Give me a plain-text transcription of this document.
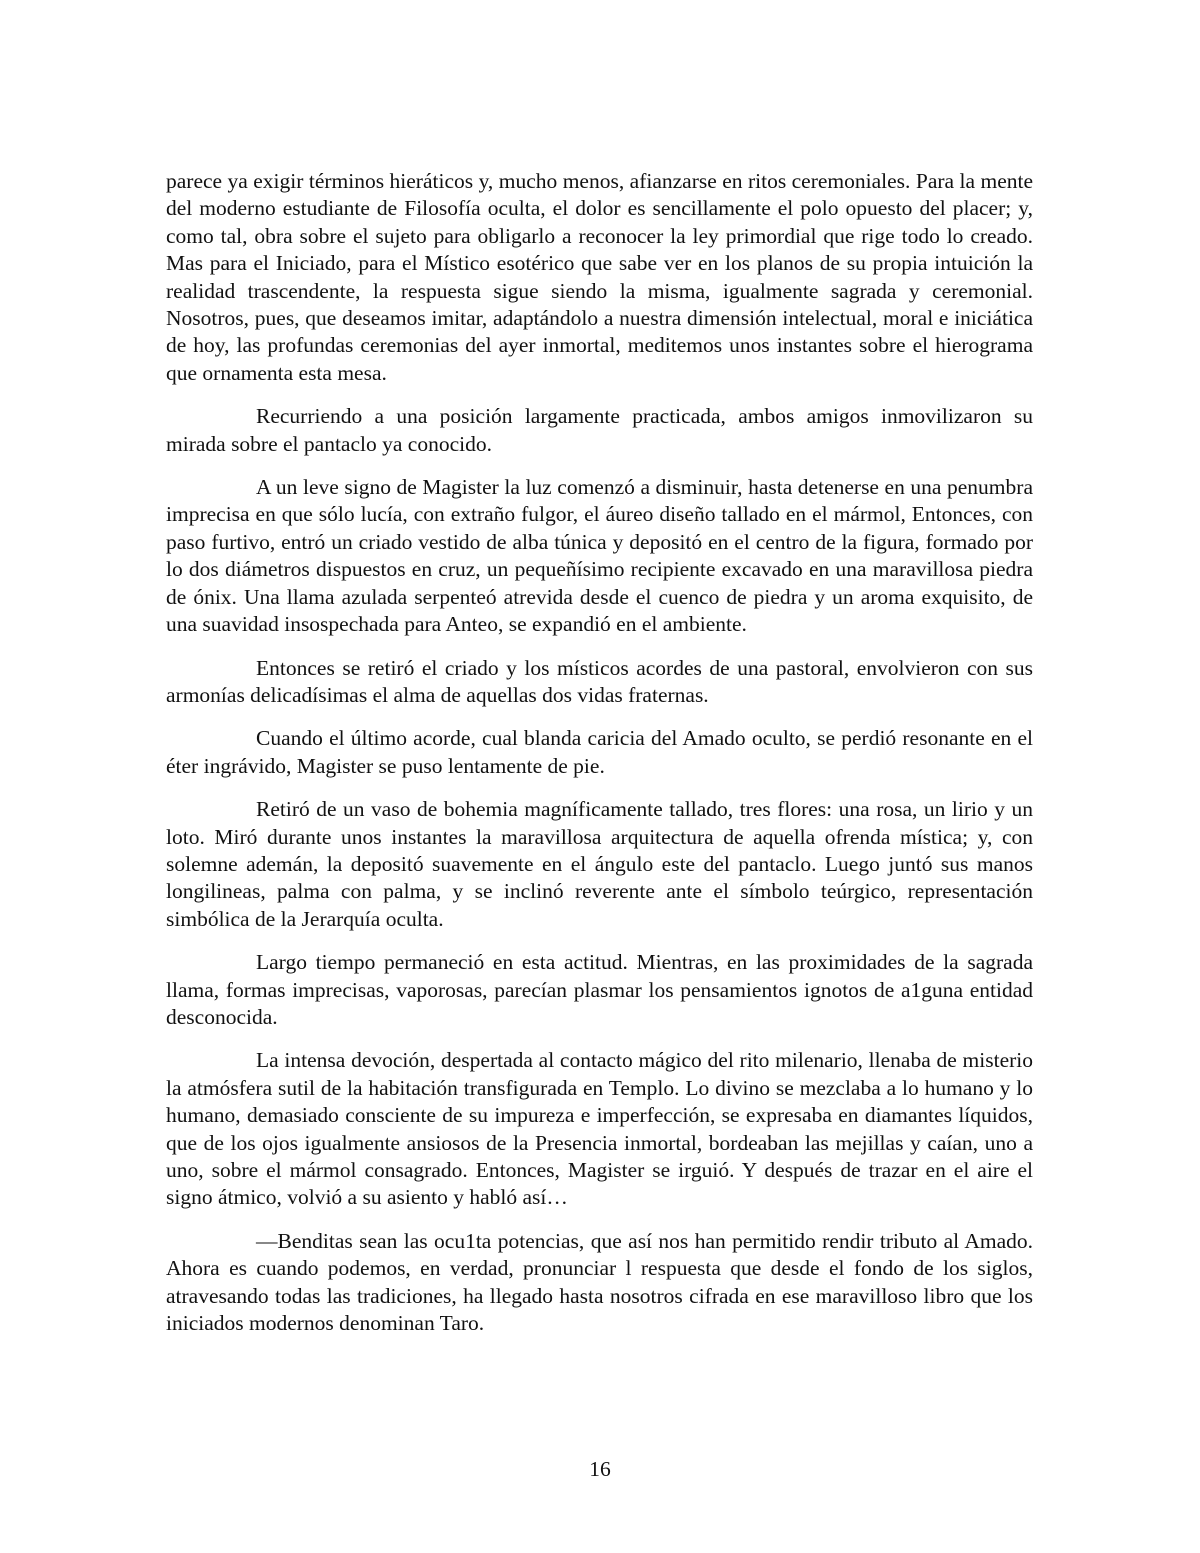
parece ya exigir términos hieráticos y, mucho menos, afianzarse en ritos ceremoniales. Para la mente del moderno estudiante de Filosofía oculta, el dolor es sencillamente el polo opuesto del placer; y, como tal, obra sobre el sujeto para obligarlo a reconocer la ley primordial que rige todo lo creado. Mas para el Iniciado, para el Místico esotérico que sabe ver en los planos de su propia intuición la realidad trascendente, la respuesta sigue siendo la misma, igualmente sagrada y ceremonial. Nosotros, pues, que deseamos imitar, adaptándolo a nuestra dimensión intelectual, moral e iniciática de hoy, las profundas ceremonias del ayer inmortal, meditemos unos instantes sobre el hierograma que ornamenta esta mesa.

Recurriendo a una posición largamente practicada, ambos amigos inmovilizaron su mirada sobre el pantaclo ya conocido.

A un leve signo de Magister la luz comenzó a disminuir, hasta detenerse en una penumbra imprecisa en que sólo lucía, con extraño fulgor, el áureo diseño tallado en el mármol, Entonces, con paso furtivo, entró un criado vestido de alba túnica y depositó en el centro de la figura, formado por lo dos diámetros dispuestos en cruz, un pequeñísimo recipiente excavado en una maravillosa piedra de ónix. Una llama azulada serpenteó atrevida desde el cuenco de piedra y un aroma exquisito, de una suavidad insospechada para Anteo, se expandió en el ambiente.

Entonces se retiró el criado y los místicos acordes de una pastoral, envolvieron con sus armonías delicadísimas el alma de aquellas dos vidas fraternas.

Cuando el último acorde, cual blanda caricia del Amado oculto, se perdió resonante en el éter ingrávido, Magister se puso lentamente de pie.

Retiró de un vaso de bohemia magníficamente tallado, tres flores: una rosa, un lirio y un loto. Miró durante unos instantes la maravillosa arquitectura de aquella ofrenda mística; y, con solemne ademán, la depositó suavemente en el ángulo este del pantaclo. Luego juntó sus manos longilineas, palma con palma, y se inclinó reverente ante el símbolo teúrgico, representación simbólica de la Jerarquía oculta.

Largo tiempo permaneció en esta actitud. Mientras, en las proximidades de la sagrada llama, formas imprecisas, vaporosas, parecían plasmar los pensamientos ignotos de a1guna entidad desconocida.

La intensa devoción, despertada al contacto mágico del rito milenario, llenaba de misterio la atmósfera sutil de la habitación transfigurada en Templo. Lo divino se mezclaba a lo humano y lo humano, demasiado consciente de su impureza e imperfección, se expresaba en diamantes líquidos, que de los ojos igualmente ansiosos de la Presencia inmortal, bordeaban las mejillas y caían, uno a uno, sobre el mármol consagrado. Entonces, Magister se irguió. Y después de trazar en el aire el signo átmico, volvió a su asiento y habló así…

—Benditas sean las ocu1ta potencias, que así nos han permitido rendir tributo al Amado. Ahora es cuando podemos, en verdad, pronunciar l respuesta que desde el fondo de los siglos, atravesando todas las tradiciones, ha llegado hasta nosotros cifrada en ese maravilloso libro que los iniciados modernos denominan Taro.

16
